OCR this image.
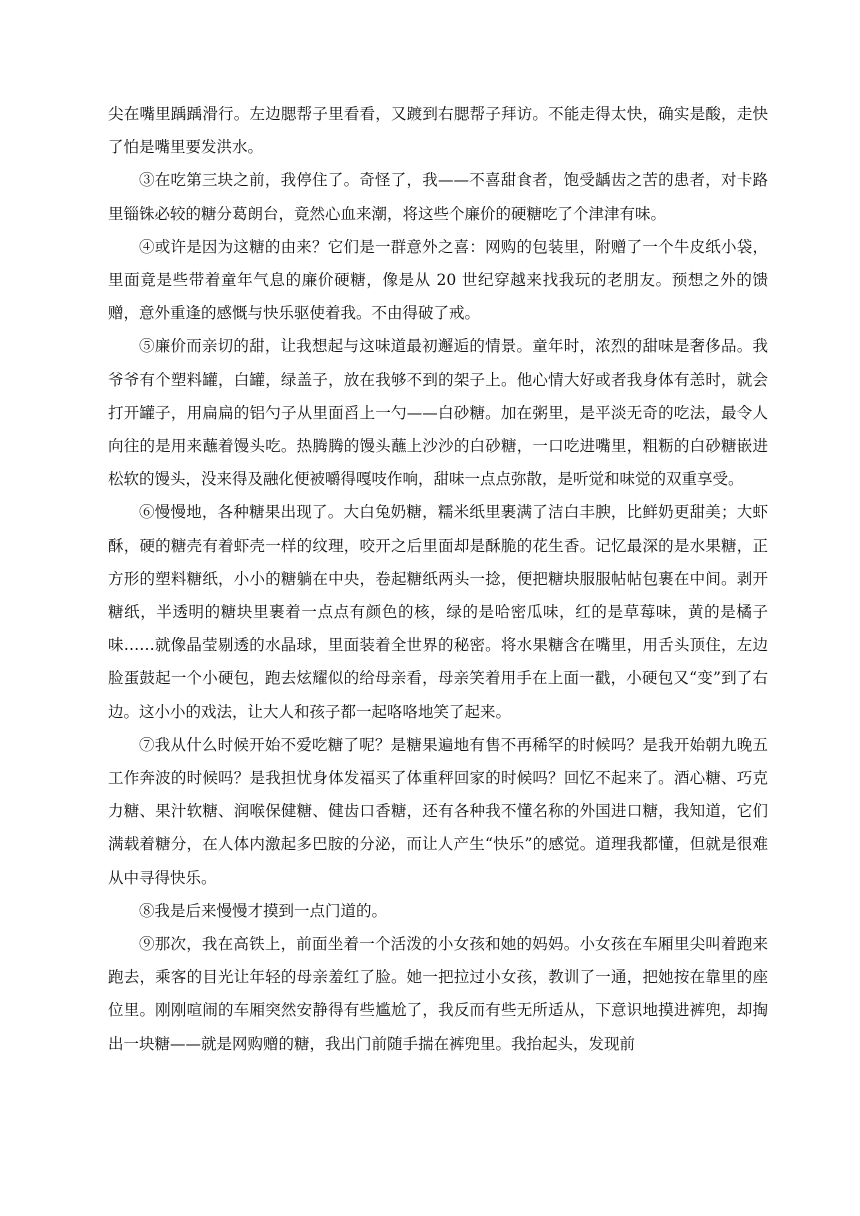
尖在嘴里踽踽滑行。左边腮帮子里看看，又踱到右腮帮子拜访。不能走得太快，确实是酸，走快了怕是嘴里要发洪水。

③在吃第三块之前，我停住了。奇怪了，我——不喜甜食者，饱受龋齿之苦的患者，对卡路里锱铢必较的糖分葛朗台，竟然心血来潮，将这些个廉价的硬糖吃了个津津有味。

④或许是因为这糖的由来？它们是一群意外之喜：网购的包装里，附赠了一个牛皮纸小袋，里面竟是些带着童年气息的廉价硬糖，像是从 20 世纪穿越来找我玩的老朋友。预想之外的馈赠，意外重逢的感慨与快乐驱使着我。不由得破了戒。

⑤廉价而亲切的甜，让我想起与这味道最初邂逅的情景。童年时，浓烈的甜味是奢侈品。我爷爷有个塑料罐，白罐，绿盖子，放在我够不到的架子上。他心情大好或者我身体有恙时，就会打开罐子，用扁扁的铝勺子从里面舀上一勺——白砂糖。加在粥里，是平淡无奇的吃法，最令人向往的是用来蘸着馒头吃。热腾腾的馒头蘸上沙沙的白砂糖，一口吃进嘴里，粗粝的白砂糖嵌进松软的馒头，没来得及融化便被嚼得嘎吱作响，甜味一点点弥散，是听觉和味觉的双重享受。

⑥慢慢地，各种糖果出现了。大白兔奶糖，糯米纸里裹满了洁白丰腴，比鲜奶更甜美；大虾酥，硬的糖壳有着虾壳一样的纹理，咬开之后里面却是酥脆的花生香。记忆最深的是水果糖，正方形的塑料糖纸，小小的糖躺在中央，卷起糖纸两头一捻，便把糖块服服帖帖包裹在中间。剥开糖纸，半透明的糖块里裹着一点点有颜色的核，绿的是哈密瓜味，红的是草莓味，黄的是橘子味……就像晶莹剔透的水晶球，里面装着全世界的秘密。将水果糖含在嘴里，用舌头顶住，左边脸蛋鼓起一个小硬包，跑去炫耀似的给母亲看，母亲笑着用手在上面一戳，小硬包又“变”到了右边。这小小的戏法，让大人和孩子都一起咯咯地笑了起来。

⑦我从什么时候开始不爱吃糖了呢？是糖果遍地有售不再稀罕的时候吗？是我开始朝九晚五工作奔波的时候吗？是我担忧身体发福买了体重秤回家的时候吗？回忆不起来了。酒心糖、巧克力糖、果汁软糖、润喉保健糖、健齿口香糖，还有各种我不懂名称的外国进口糖，我知道，它们满载着糖分，在人体内激起多巴胺的分泌，而让人产生“快乐”的感觉。道理我都懂，但就是很难从中寻得快乐。

⑧我是后来慢慢才摸到一点门道的。

⑨那次，我在高铁上，前面坐着一个活泼的小女孩和她的妈妈。小女孩在车厢里尖叫着跑来跑去，乘客的目光让年轻的母亲羞红了脸。她一把拉过小女孩，教训了一通，把她按在靠里的座位里。刚刚喧闹的车厢突然安静得有些尴尬了，我反而有些无所适从，下意识地摸进裤兜，却掏出一块糖——就是网购赠的糖，我出门前随手揣在裤兜里。我抬起头，发现前
